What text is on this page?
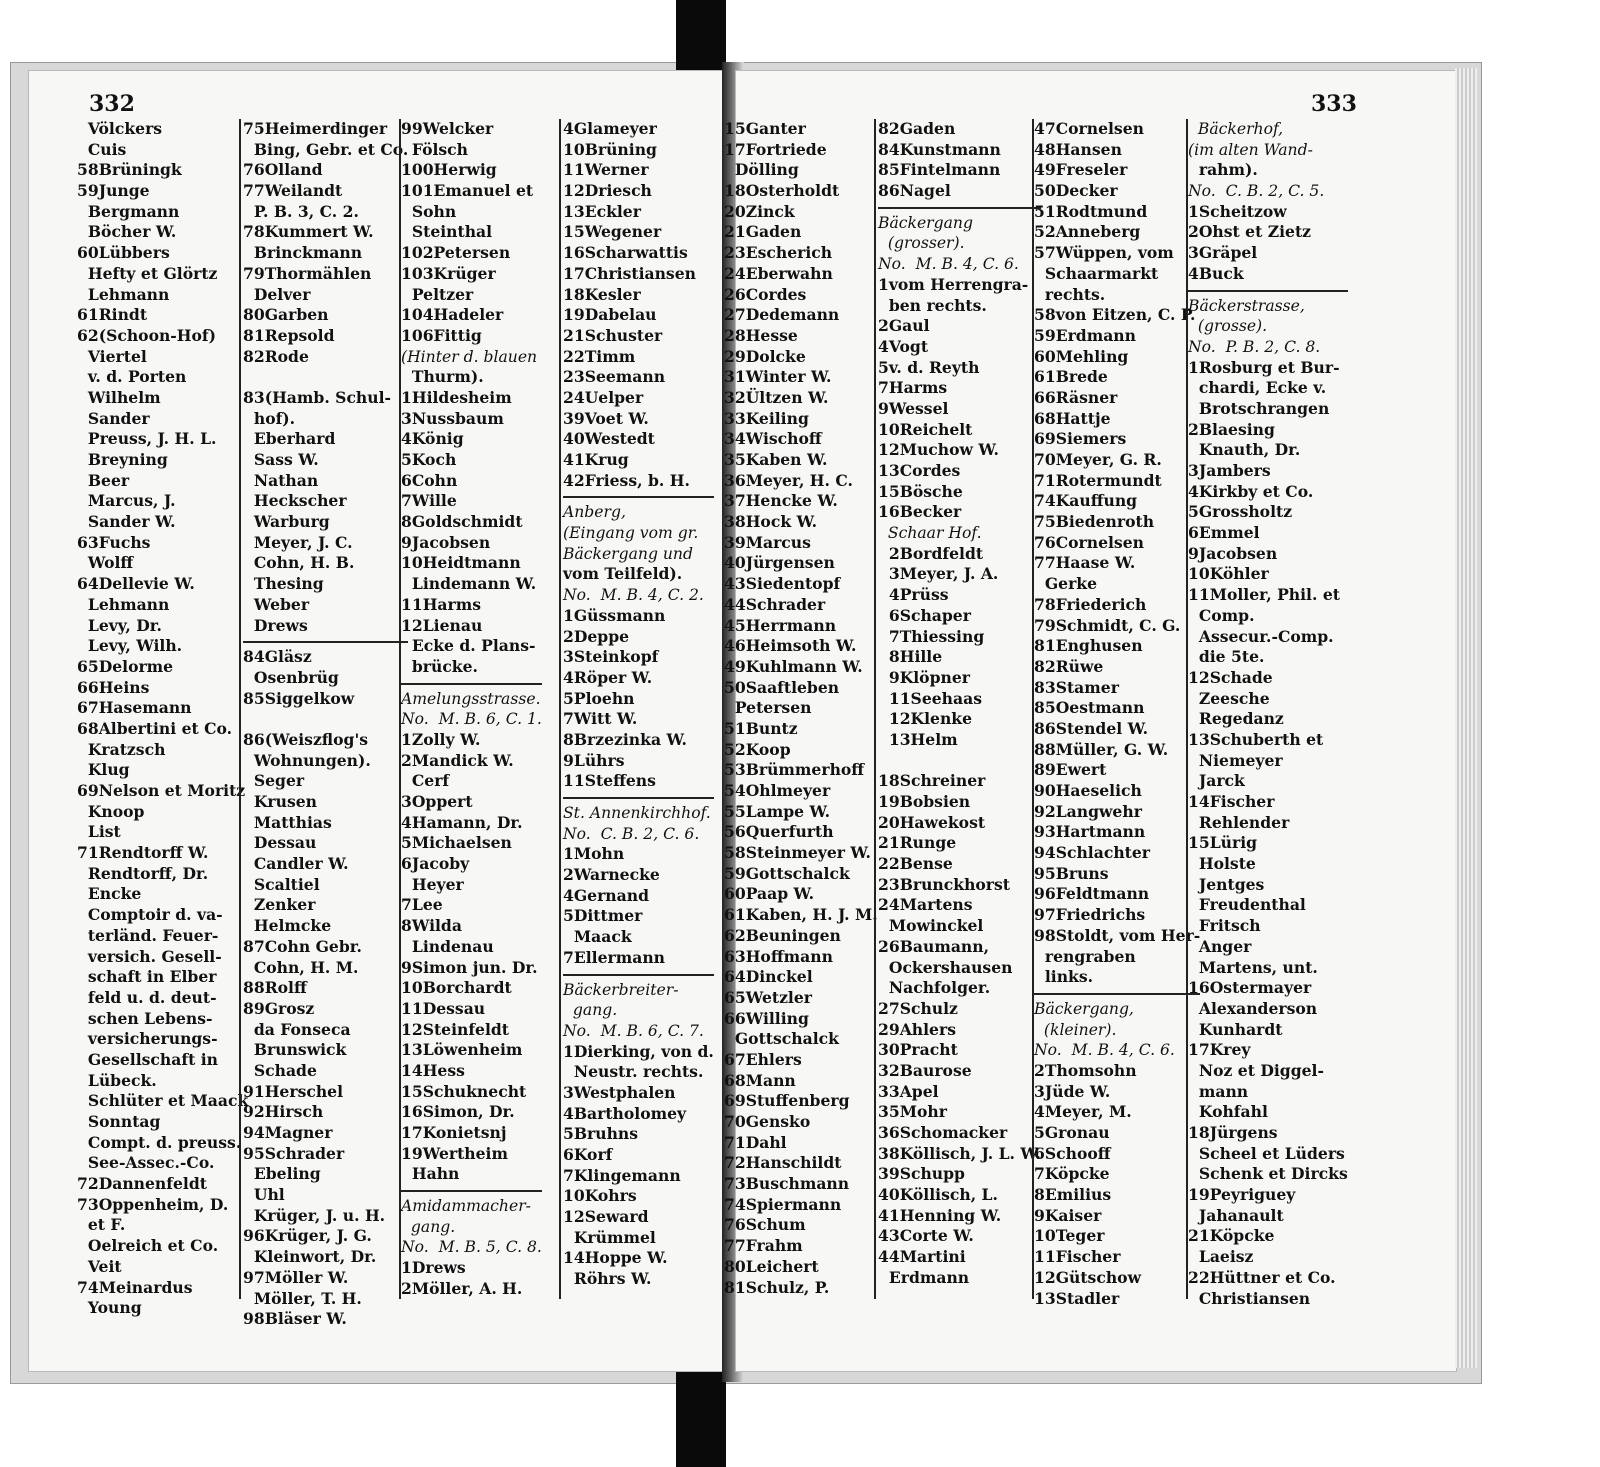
332
Völckers
Cuis
58Brüningk
59Junge
Bergmann
Böcher W.
60Lübbers
Hefty et Glörtz
Lehmann
61Rindt
62(Schoon-Hof)
Viertel
v. d. Porten
Wilhelm
Sander
Preuss, J. H. L.
Breyning
Beer
Marcus, J.
Sander W.
63Fuchs
Wolff
64Dellevie W.
Lehmann
Levy, Dr.
Levy, Wilh.
65Delorme
66Heins
67Hasemann
68Albertini et Co.
Kratzsch
Klug
69Nelson et Moritz
Knoop
List
71Rendtorff W.
Rendtorff, Dr.
Encke
Comptoir d. va-
terländ. Feuer-
versich. Gesell-
schaft in Elber
feld u. d. deut-
schen Lebens-
versicherungs-
Gesellschaft in
Lübeck.
Schlüter et Maack
Sonntag
Compt. d. preuss.
See-Assec.-Co.
72Dannenfeldt
73Oppenheim, D.
et F.
Oelreich et Co.
Veit
74Meinardus
Young
75Heimerdinger
Bing, Gebr. et Co.
76Olland
77Weilandt
P. B. 3, C. 2.
78Kummert W.
Brinckmann
79Thormählen
Delver
80Garben
81Repsold
82Rode
83(Hamb. Schul-
hof).
Eberhard
Sass W.
Nathan
Heckscher
Warburg
Meyer, J. C.
Cohn, H. B.
Thesing
Weber
Drews
84Gläsz
Osenbrüg
85Siggelkow
86(Weiszflog's
Wohnungen).
Seger
Krusen
Matthias
Dessau
Candler W.
Scaltiel
Zenker
Helmcke
87Cohn Gebr.
Cohn, H. M.
88Rolff
89Grosz
da Fonseca
Brunswick
Schade
91Herschel
92Hirsch
94Magner
95Schrader
Ebeling
Uhl
Krüger, J. u. H.
96Krüger, J. G.
Kleinwort, Dr.
97Möller W.
Möller, T. H.
98Bläser W.
99Welcker
Fölsch
100Herwig
101Emanuel et
Sohn
Steinthal
102Petersen
103Krüger
Peltzer
104Hadeler
106Fittig
(Hinter d. blauen
Thurm).
1Hildesheim
3Nussbaum
4König
5Koch
6Cohn
7Wille
8Goldschmidt
9Jacobsen
10Heidtmann
Lindemann W.
11Harms
12Lienau
Ecke d. Plans-
brücke.
Amelungsstrasse.
No.  M. B. 6, C. 1.
1Zolly W.
2Mandick W.
Cerf
3Oppert
4Hamann, Dr.
5Michaelsen
6Jacoby
Heyer
7Lee
8Wilda
Lindenau
9Simon jun. Dr.
10Borchardt
11Dessau
12Steinfeldt
13Löwenheim
14Hess
15Schuknecht
16Simon, Dr.
17Konietsnj
19Wertheim
Hahn
Amidammacher-
gang.
No.  M. B. 5, C. 8.
1Drews
2Möller, A. H.
4Glameyer
10Brüning
11Werner
12Driesch
13Eckler
15Wegener
16Scharwattis
17Christiansen
18Kesler
19Dabelau
21Schuster
22Timm
23Seemann
24Uelper
39Voet W.
40Westedt
41Krug
42Friess, b. H.
Anberg,
(Eingang vom gr.
Bäckergang und
vom Teilfeld).
No.  M. B. 4, C. 2.
1Güssmann
2Deppe
3Steinkopf
4Röper W.
5Ploehn
7Witt W.
8Brzezinka W.
9Lührs
11Steffens
St. Annenkirchhof.
No.  C. B. 2, C. 6.
1Mohn
2Warnecke
4Gernand
5Dittmer
Maack
7Ellermann
Bäckerbreiter-
gang.
No.  M. B. 6, C. 7.
1Dierking, von d.
Neustr. rechts.
3Westphalen
4Bartholomey
5Bruhns
6Korf
7Klingemann
10Kohrs
12Seward
Krümmel
14Hoppe W.
Röhrs W.
333
15Ganter
17Fortriede
Dölling
18Osterholdt
20Zinck
21Gaden
23Escherich
24Eberwahn
26Cordes
27Dedemann
28Hesse
29Dolcke
31Winter W.
32Ültzen W.
33Keiling
34Wischoff
35Kaben W.
36Meyer, H. C.
37Hencke W.
38Hock W.
39Marcus
40Jürgensen
43Siedentopf
44Schrader
45Herrmann
46Heimsoth W.
49Kuhlmann W.
50Saaftleben
Petersen
51Buntz
52Koop
53Brümmerhoff
54Ohlmeyer
55Lampe W.
56Querfurth
58Steinmeyer W.
59Gottschalck
60Paap W.
61Kaben, H. J. M.
62Beuningen
63Hoffmann
64Dinckel
65Wetzler
66Willing
Gottschalck
67Ehlers
68Mann
69Stuffenberg
70Gensko
71Dahl
72Hanschildt
73Buschmann
74Spiermann
76Schum
77Frahm
80Leichert
81Schulz, P.
82Gaden
84Kunstmann
85Fintelmann
86Nagel
Bäckergang
(grosser).
No.  M. B. 4, C. 6.
1vom Herrengra-
ben rechts.
2Gaul
4Vogt
5v. d. Reyth
7Harms
9Wessel
10Reichelt
12Muchow W.
13Cordes
15Bösche
16Becker
Schaar Hof.
2Bordfeldt
3Meyer, J. A.
4Prüss
6Schaper
7Thiessing
8Hille
9Klöpner
11Seehaas
12Klenke
13Helm
18Schreiner
19Bobsien
20Hawekost
21Runge
22Bense
23Brunckhorst
24Martens
Mowinckel
26Baumann,
Ockershausen
Nachfolger.
27Schulz
29Ahlers
30Pracht
32Baurose
33Apel
35Mohr
36Schomacker
38Köllisch, J. L. W.
39Schupp
40Köllisch, L.
41Henning W.
43Corte W.
44Martini
Erdmann
47Cornelsen
48Hansen
49Freseler
50Decker
51Rodtmund
52Anneberg
57Wüppen, vom
Schaarmarkt
rechts.
58von Eitzen, C. P.
59Erdmann
60Mehling
61Brede
66Räsner
68Hattje
69Siemers
70Meyer, G. R.
71Rotermundt
74Kauffung
75Biedenroth
76Cornelsen
77Haase W.
Gerke
78Friederich
79Schmidt, C. G.
81Enghusen
82Rüwe
83Stamer
85Oestmann
86Stendel W.
88Müller, G. W.
89Ewert
90Haeselich
92Langwehr
93Hartmann
94Schlachter
95Bruns
96Feldtmann
97Friedrichs
98Stoldt, vom Her-
rengraben
links.
Bäckergang,
(kleiner).
No.  M. B. 4, C. 6.
2Thomsohn
3Jüde W.
4Meyer, M.
5Gronau
6Schooff
7Köpcke
8Emilius
9Kaiser
10Teger
11Fischer
12Gütschow
13Stadler
Bäckerhof,
(im alten Wand-
rahm).
No.  C. B. 2, C. 5.
1Scheitzow
2Ohst et Zietz
3Gräpel
4Buck
Bäckerstrasse,
(grosse).
No.  P. B. 2, C. 8.
1Rosburg et Bur-
chardi, Ecke v.
Brotschrangen
2Blaesing
Knauth, Dr.
3Jambers
4Kirkby et Co.
5Grossholtz
6Emmel
9Jacobsen
10Köhler
11Moller, Phil. et
Comp.
Assecur.-Comp.
die 5te.
12Schade
Zeesche
Regedanz
13Schuberth et
Niemeyer
Jarck
14Fischer
Rehlender
15Lürig
Holste
Jentges
Freudenthal
Fritsch
Anger
Martens, unt.
16Ostermayer
Alexanderson
Kunhardt
17Krey
Noz et Diggel-
mann
Kohfahl
18Jürgens
Scheel et Lüders
Schenk et Dircks
19Peyriguey
Jahanault
21Köpcke
Laeisz
22Hüttner et Co.
Christiansen
